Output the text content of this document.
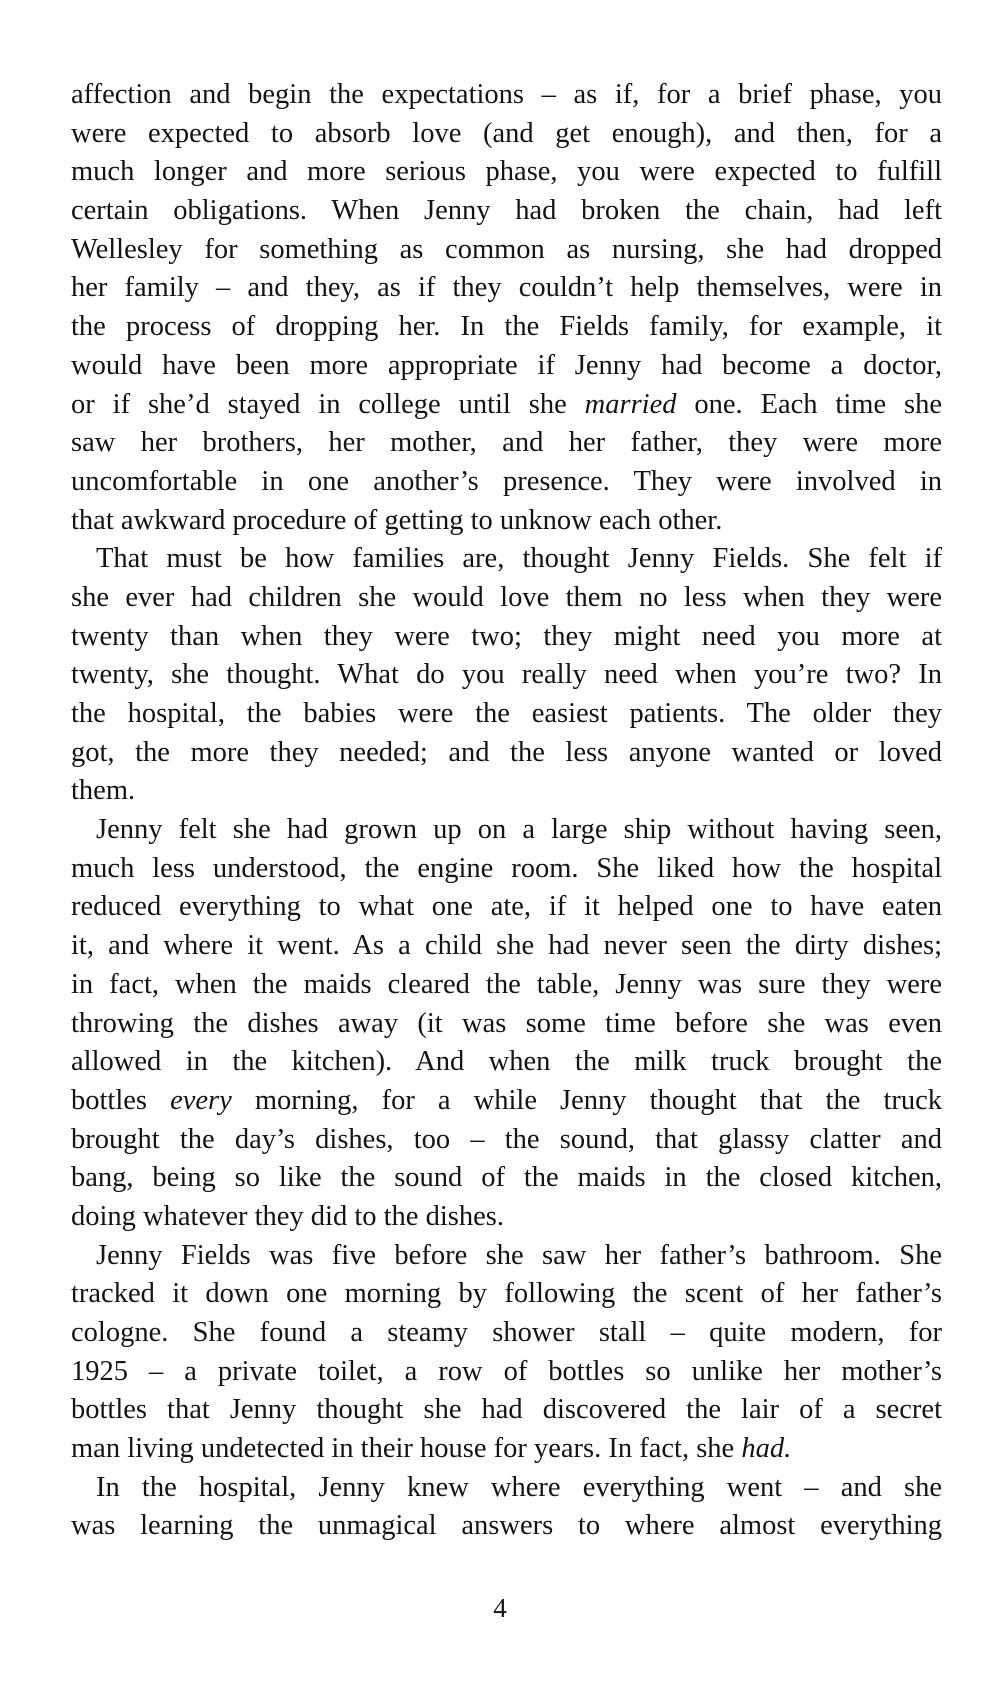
affection and begin the expectations – as if, for a brief phase, you
were expected to absorb love (and get enough), and then, for a
much longer and more serious phase, you were expected to fulfill
certain obligations. When Jenny had broken the chain, had left
Wellesley for something as common as nursing, she had dropped
her family – and they, as if they couldn’t help themselves, were in
the process of dropping her. In the Fields family, for example, it
would have been more appropriate if Jenny had become a doctor,
or if she’d stayed in college until she married one. Each time she
saw her brothers, her mother, and her father, they were more
uncomfortable in one another’s presence. They were involved in
that awkward procedure of getting to unknow each other.
That must be how families are, thought Jenny Fields. She felt if
she ever had children she would love them no less when they were
twenty than when they were two; they might need you more at
twenty, she thought. What do you really need when you’re two? In
the hospital, the babies were the easiest patients. The older they
got, the more they needed; and the less anyone wanted or loved
them.
Jenny felt she had grown up on a large ship without having seen,
much less understood, the engine room. She liked how the hospital
reduced everything to what one ate, if it helped one to have eaten
it, and where it went. As a child she had never seen the dirty dishes;
in fact, when the maids cleared the table, Jenny was sure they were
throwing the dishes away (it was some time before she was even
allowed in the kitchen). And when the milk truck brought the
bottles every morning, for a while Jenny thought that the truck
brought the day’s dishes, too – the sound, that glassy clatter and
bang, being so like the sound of the maids in the closed kitchen,
doing whatever they did to the dishes.
Jenny Fields was five before she saw her father’s bathroom. She
tracked it down one morning by following the scent of her father’s
cologne. She found a steamy shower stall – quite modern, for
1925 – a private toilet, a row of bottles so unlike her mother’s
bottles that Jenny thought she had discovered the lair of a secret
man living undetected in their house for years. In fact, she had.
In the hospital, Jenny knew where everything went – and she
was learning the unmagical answers to where almost everything
4
